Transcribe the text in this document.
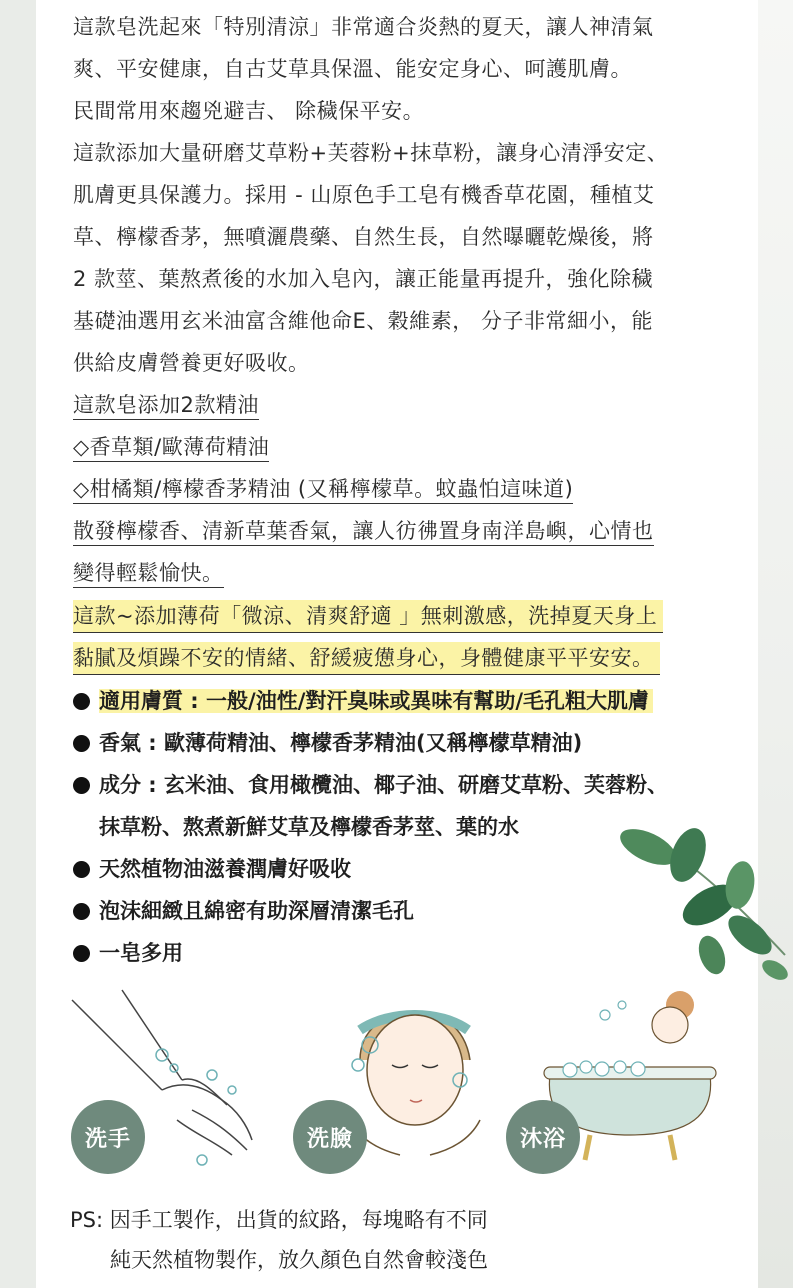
這款皂洗起來「特別清涼」非常適合炎熱的夏天，讓人神清氣
爽、平安健康，自古艾草具保溫、能安定身心、呵護肌膚。
民間常用來趨兇避吉、 除穢保平安。
這款添加大量研磨艾草粉+芙蓉粉+抹草粉，讓身心清淨安定、
肌膚更具保護力。採用 - 山原色手工皂有機香草花園，種植艾
草、檸檬香茅，無噴灑農藥、自然生長，自然曝曬乾燥後，將
2 款莖、葉熬煮後的水加入皂內，讓正能量再提升，強化除穢
基礎油選用玄米油富含維他命E、穀維素， 分子非常細小，能
供給皮膚營養更好吸收。
這款皂添加2款精油
◇香草類/歐薄荷精油
◇柑橘類/檸檬香茅精油 (又稱檸檬草。蚊蟲怕這味道)
散發檸檬香、清新草葉香氣，讓人彷彿置身南洋島嶼，心情也
變得輕鬆愉快。
這款~添加薄荷「微涼、清爽舒適 」無刺激感，洗掉夏天身上
黏膩及煩躁不安的情緒、舒緩疲憊身心，身體健康平平安安。
適用膚質 : 一般/油性/對汗臭味或異味有幫助/毛孔粗大肌膚
香氣 : 歐薄荷精油、檸檬香茅精油(又稱檸檬草精油)
成分 : 玄米油、食用橄欖油、椰子油、研磨艾草粉、芙蓉粉、
抹草粉、熬煮新鮮艾草及檸檬香茅莖、葉的水
天然植物油滋養潤膚好吸收
泡沫細緻且綿密有助深層清潔毛孔
一皂多用
洗手	洗臉	沐浴
PS: 因手工製作，出貨的紋路，每塊略有不同
純天然植物製作，放久顏色自然會較淺色
